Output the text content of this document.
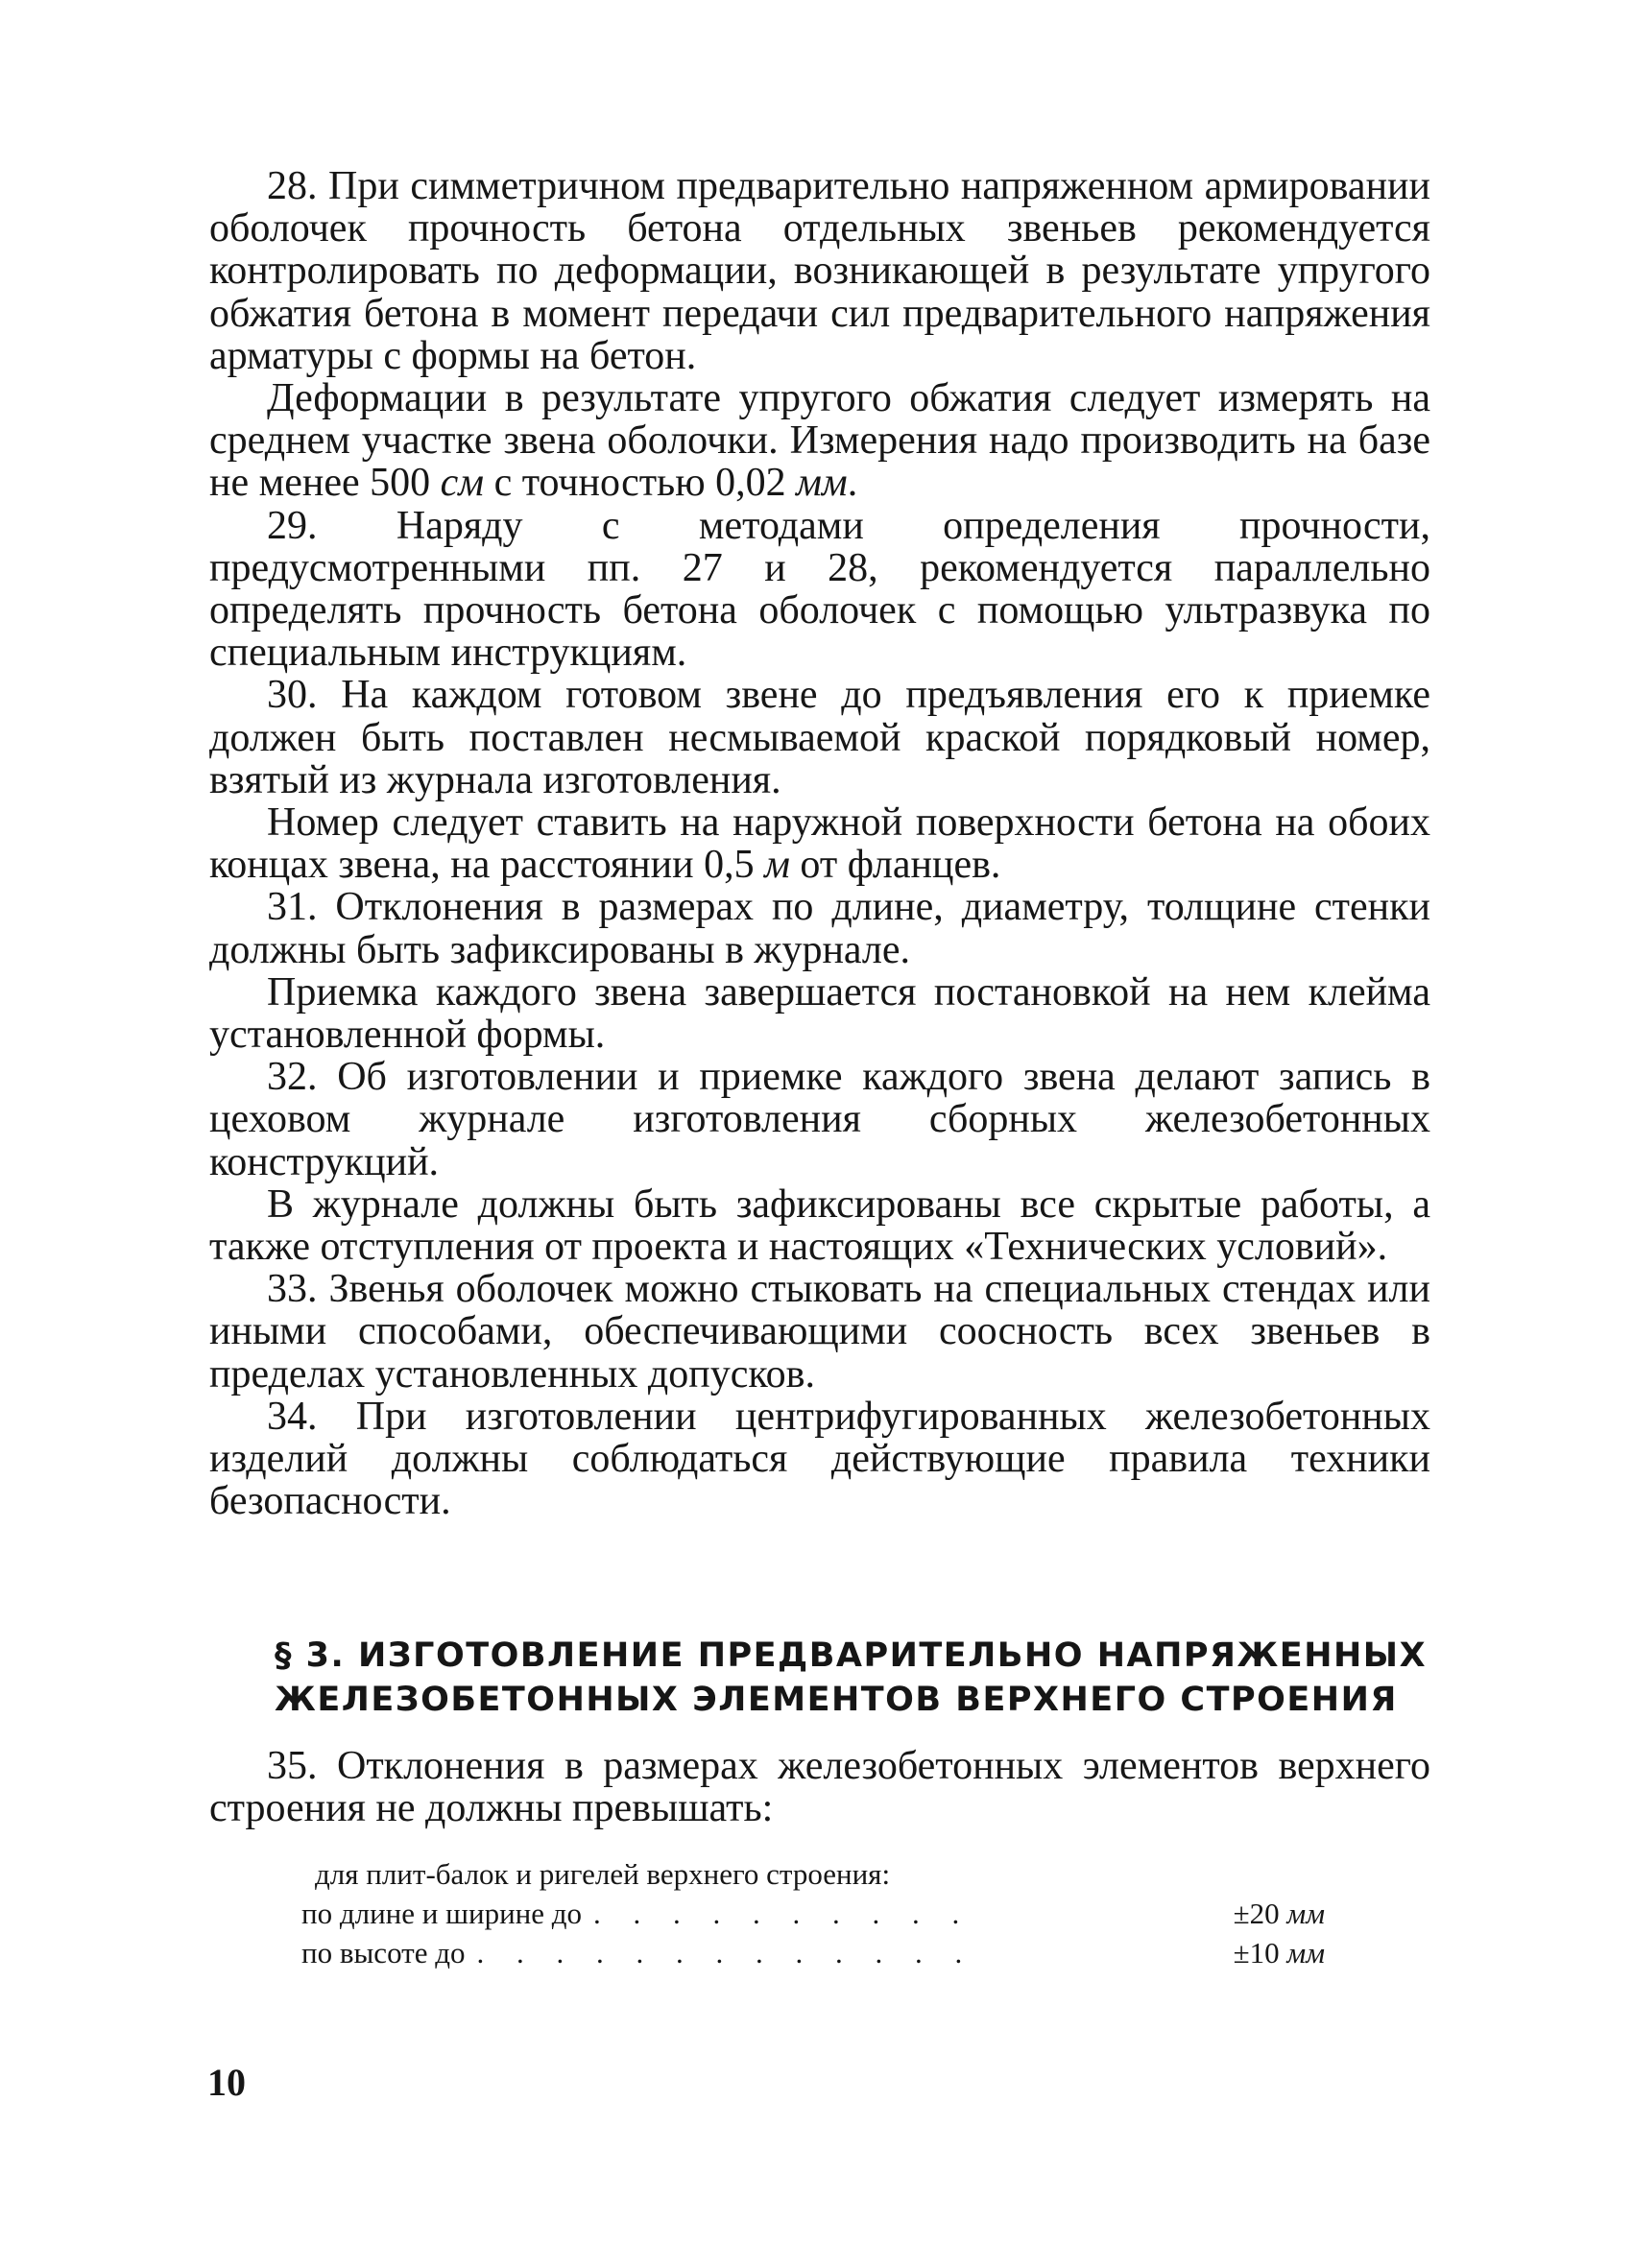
28. При симметричном предварительно напряженном армировании оболочек прочность бетона отдельных звеньев рекомендуется контролировать по деформации, возникающей в результате упругого обжатия бетона в момент передачи сил предварительного напряжения арматуры с формы на бетон.

Деформации в результате упругого обжатия следует измерять на среднем участке звена оболочки. Измерения надо производить на базе не менее 500 см с точностью 0,02 мм.

29. Наряду с методами определения прочности, предусмотренными пп. 27 и 28, рекомендуется параллельно определять прочность бетона оболочек с помощью ультразвука по специальным инструкциям.

30. На каждом готовом звене до предъявления его к приемке должен быть поставлен несмываемой краской порядковый номер, взятый из журнала изготовления.

Номер следует ставить на наружной поверхности бетона на обоих концах звена, на расстоянии 0,5 м от фланцев.

31. Отклонения в размерах по длине, диаметру, толщине стенки должны быть зафиксированы в журнале.

Приемка каждого звена завершается постановкой на нем клейма установленной формы.

32. Об изготовлении и приемке каждого звена делают запись в цеховом журнале изготовления сборных железобетонных конструкций.

В журнале должны быть зафиксированы все скрытые работы, а также отступления от проекта и настоящих «Технических условий».

33. Звенья оболочек можно стыковать на специальных стендах или иными способами, обеспечивающими соосность всех звеньев в пределах установленных допусков.

34. При изготовлении центрифугированных железобетонных изделий должны соблюдаться действующие правила техники безопасности.

§ 3. ИЗГОТОВЛЕНИЕ ПРЕДВАРИТЕЛЬНО НАПРЯЖЕННЫХ
ЖЕЛЕЗОБЕТОННЫХ ЭЛЕМЕНТОВ ВЕРХНЕГО СТРОЕНИЯ

35. Отклонения в размерах железобетонных элементов верхнего строения не должны превышать:

для плит-балок и ригелей верхнего строения:
по длине и ширине до . . . . . . . . . .	±20 мм
по высоте до . . . . . . . . . . . . .	±10 мм
10
